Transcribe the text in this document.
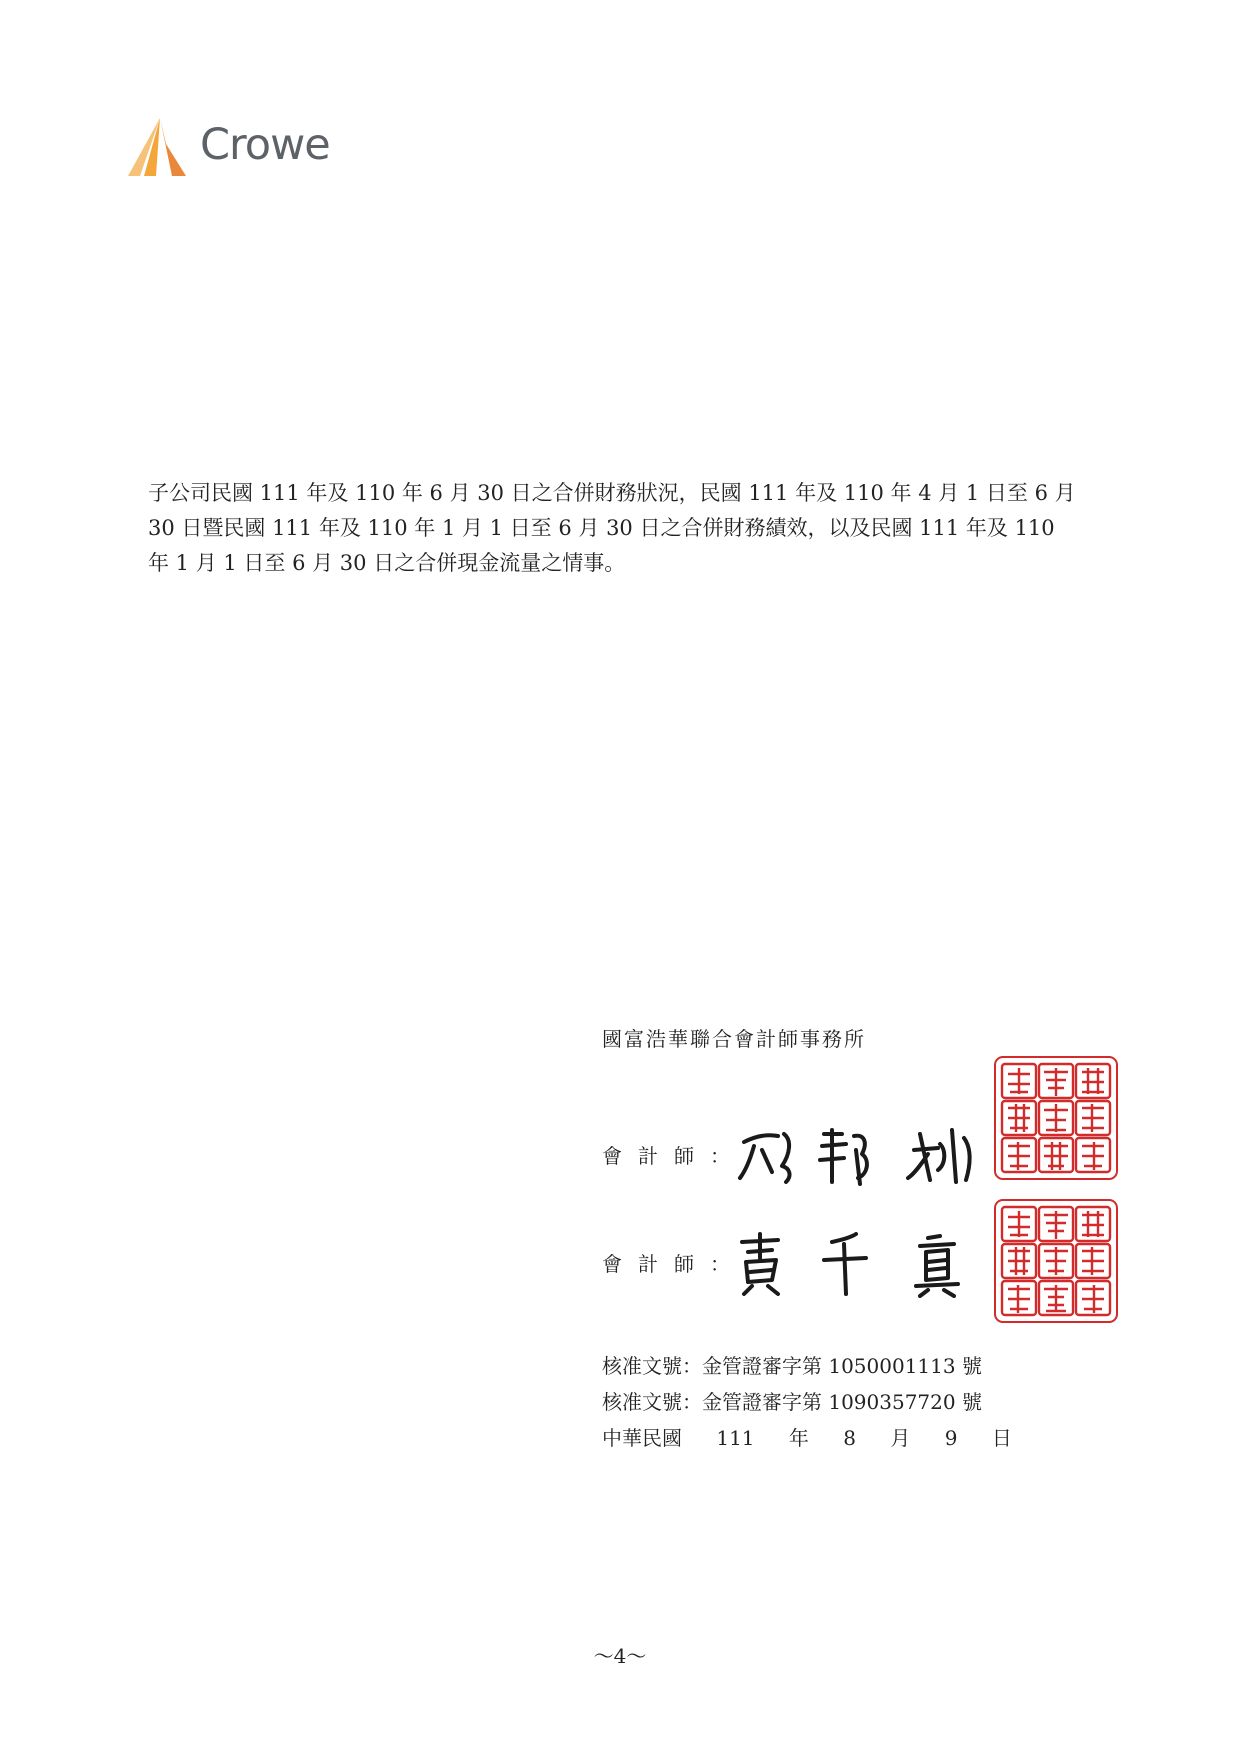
Crowe

子公司民國 111 年及 110 年 6 月 30 日之合併財務狀況，民國 111 年及 110 年 4 月 1 日至 6 月

30 日暨民國 111 年及 110 年 1 月 1 日至 6 月 30 日之合併財務績效，以及民國 111 年及 110

年 1 月 1 日至 6 月 30 日之合併現金流量之情事。

國富浩華聯合會計師事務所
會計師：
會計師：
核准文號：金管證審字第 1050001113 號
核准文號：金管證審字第 1090357720 號
中華民國 111 年 8 月 9 日
～4～
